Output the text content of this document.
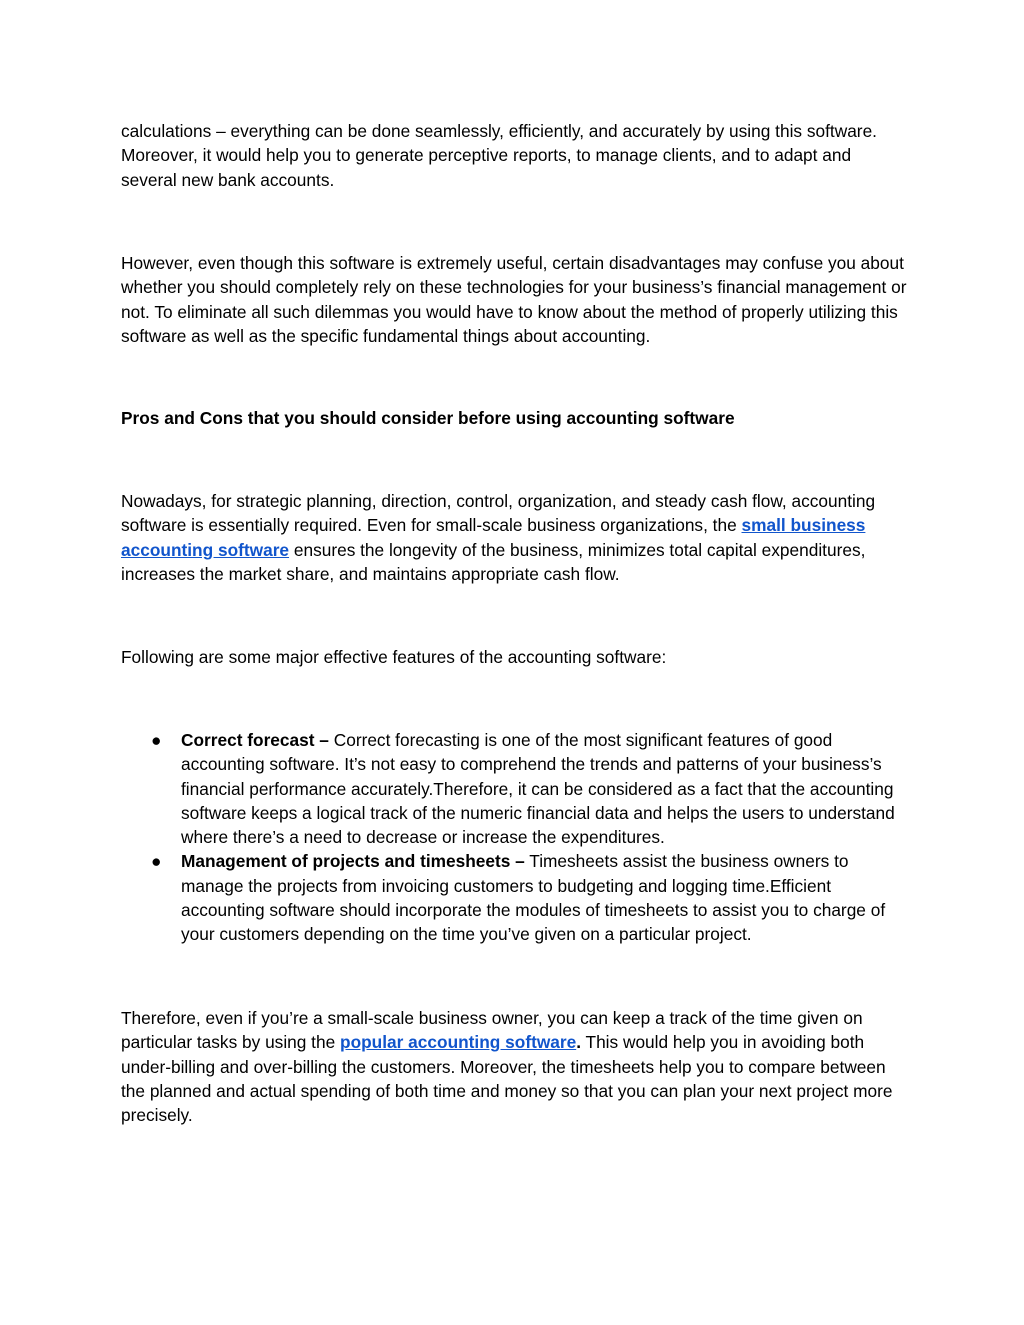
calculations – everything can be done seamlessly, efficiently, and accurately by using this software. Moreover, it would help you to generate perceptive reports, to manage clients, and to adapt and several new bank accounts.

However, even though this software is extremely useful, certain disadvantages may confuse you about whether you should completely rely on these technologies for your business’s financial management or not. To eliminate all such dilemmas you would have to know about the method of properly utilizing this software as well as the specific fundamental things about accounting.

Pros and Cons that you should consider before using accounting software

Nowadays, for strategic planning, direction, control, organization, and steady cash flow, accounting software is essentially required. Even for small-scale business organizations, the small business accounting software ensures the longevity of the business, minimizes total capital expenditures, increases the market share, and maintains appropriate cash flow.

Following are some major effective features of the accounting software:

● Correct forecast – Correct forecasting is one of the most significant features of good accounting software. It’s not easy to comprehend the trends and patterns of your business’s financial performance accurately.Therefore, it can be considered as a fact that the accounting software keeps a logical track of the numeric financial data and helps the users to understand where there’s a need to decrease or increase the expenditures.
● Management of projects and timesheets – Timesheets assist the business owners to manage the projects from invoicing customers to budgeting and logging time.Efficient accounting software should incorporate the modules of timesheets to assist you to charge of your customers depending on the time you’ve given on a particular project.

Therefore, even if you’re a small-scale business owner, you can keep a track of the time given on particular tasks by using the popular accounting software. This would help you in avoiding both under-billing and over-billing the customers. Moreover, the timesheets help you to compare between the planned and actual spending of both time and money so that you can plan your next project more precisely.
